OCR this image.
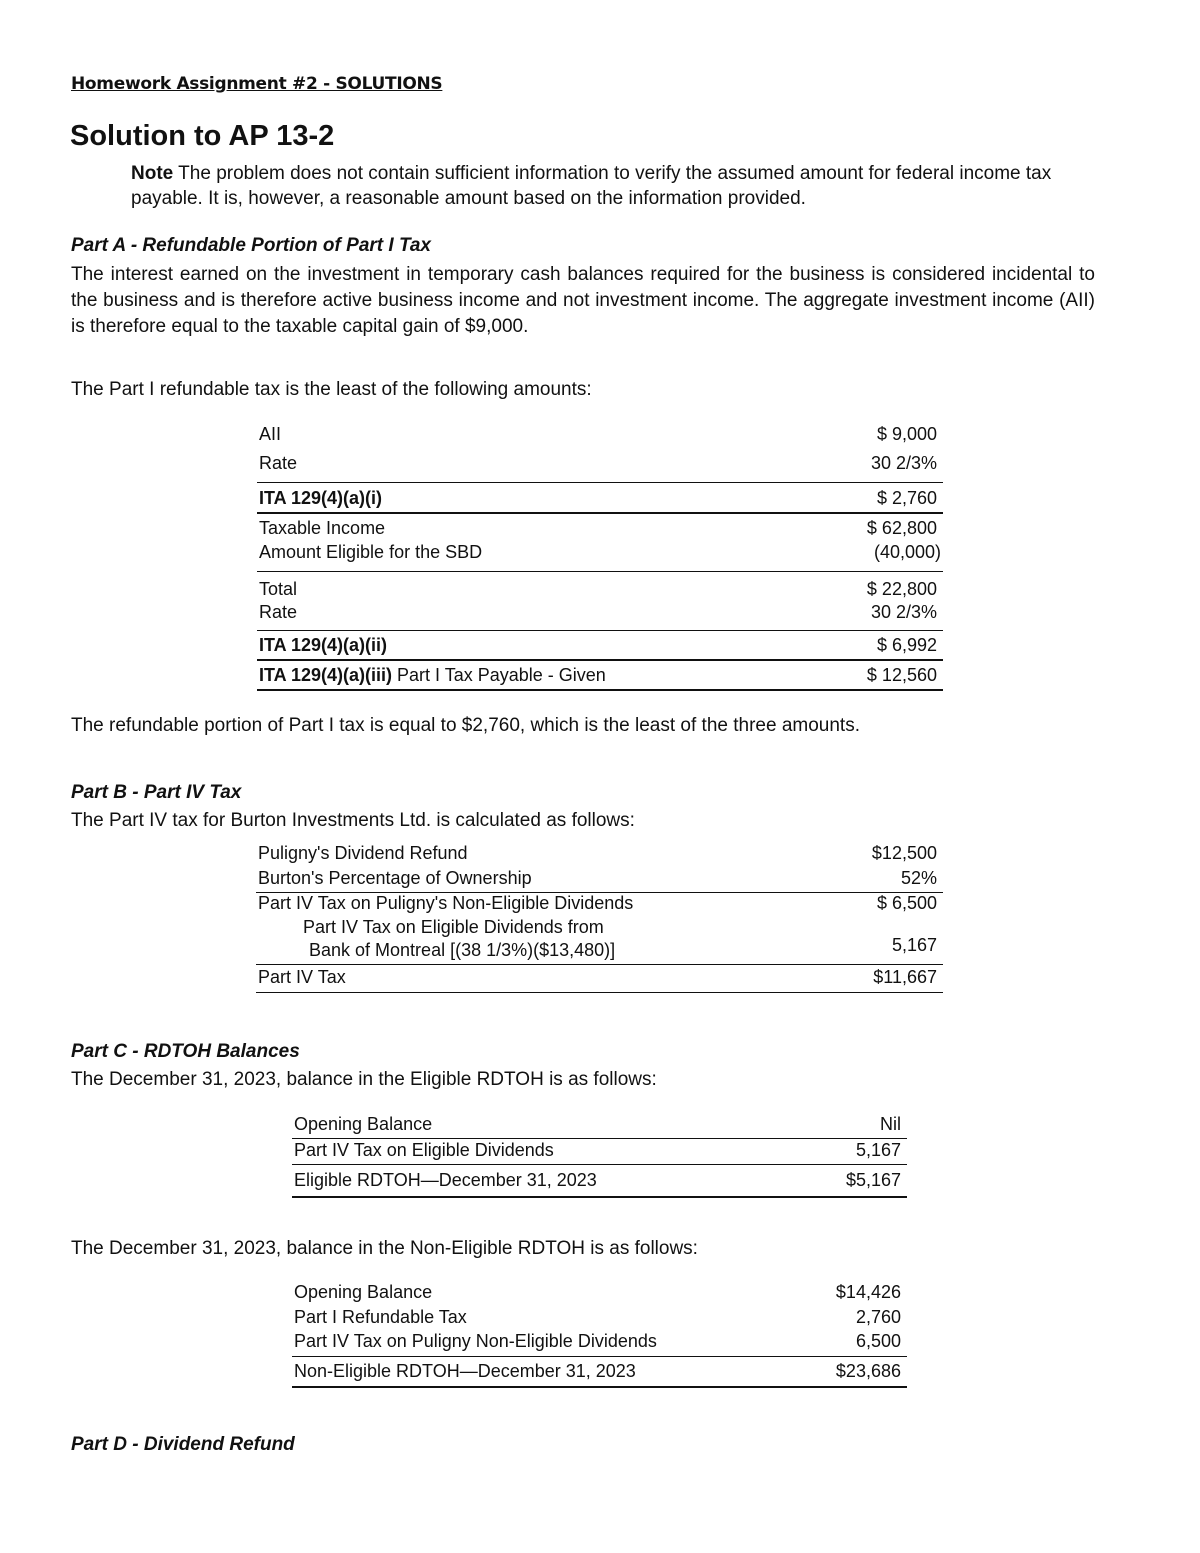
Homework Assignment #2 - SOLUTIONS
Solution to AP 13-2
Note The problem does not contain sufficient information to verify the assumed amount for federal income tax payable. It is, however, a reasonable amount based on the information provided.
Part A - Refundable Portion of Part I Tax
The interest earned on the investment in temporary cash balances required for the business is considered incidental to the business and is therefore active business income and not investment income. The aggregate investment income (AII) is therefore equal to the taxable capital gain of $9,000.
The Part I refundable tax is the least of the following amounts:
AII	$ 9,000
Rate	30 2/3%
ITA 129(4)(a)(i)	$ 2,760
Taxable Income	$ 62,800
Amount Eligible for the SBD	(40,000)
Total	$ 22,800
Rate	30 2/3%
ITA 129(4)(a)(ii)	$ 6,992
ITA 129(4)(a)(iii) Part I Tax Payable - Given	$ 12,560
The refundable portion of Part I tax is equal to $2,760, which is the least of the three amounts.
Part B - Part IV Tax
The Part IV tax for Burton Investments Ltd. is calculated as follows:
Puligny's Dividend Refund	$12,500
Burton's Percentage of Ownership	52%
Part IV Tax on Puligny's Non-Eligible Dividends	$ 6,500
Part IV Tax on Eligible Dividends from
Bank of Montreal [(38 1/3%)($13,480)]	5,167
Part IV Tax	$11,667
Part C - RDTOH Balances
The December 31, 2023, balance in the Eligible RDTOH is as follows:
Opening Balance	Nil
Part IV Tax on Eligible Dividends	5,167
Eligible RDTOH—December 31, 2023	$5,167
The December 31, 2023, balance in the Non-Eligible RDTOH is as follows:
Opening Balance	$14,426
Part I Refundable Tax	2,760
Part IV Tax on Puligny Non-Eligible Dividends	6,500
Non-Eligible RDTOH—December 31, 2023	$23,686
Part D - Dividend Refund
